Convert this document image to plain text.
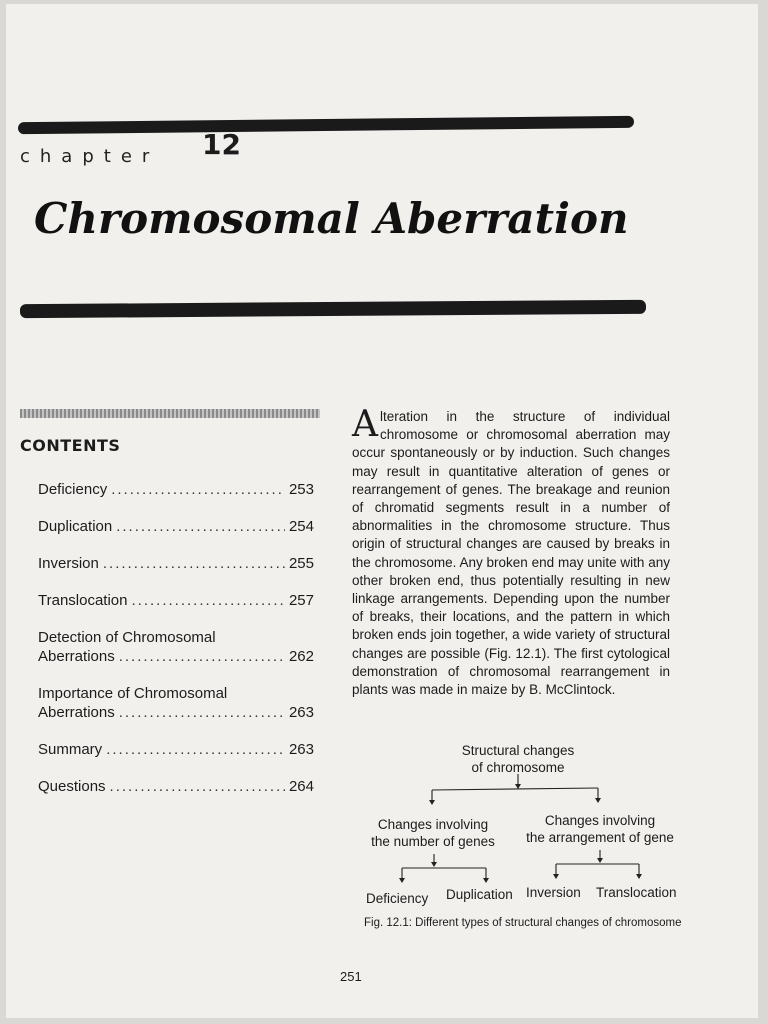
chapter 12
Chromosomal Aberration
CONTENTS
Deficiency .....	253
Duplication .....	254
Inversion .....	255
Translocation .....	257
Detection of Chromosomal
Aberrations .....	262
Importance of Chromosomal
Aberrations .....	263
Summary .....	263
Questions .....	264
A lteration in the structure of individual chromosome or chromosomal aberration may occur spontaneously or by induction. Such changes may result in quantitative alteration of genes or rearrangement of genes. The breakage and reunion of chromatid segments result in a number of abnormalities in the chromosome structure. Thus origin of structural changes are caused by breaks in the chromosome. Any broken end may unite with any other broken end, thus potentially resulting in new linkage arrangements. Depending upon the number of breaks, their locations, and the pattern in which broken ends join together, a wide variety of structural changes are possible (Fig. 12.1). The first cytological demonstration of chromosomal rearrangement in plants was made in maize by B. McClintock.
Structural changes
of chromosome
Changes involving
the number of genes
Changes involving
the arrangement of gene
Deficiency Duplication Inversion Translocation
Fig. 12.1: Different types of structural changes of chromosome
251
